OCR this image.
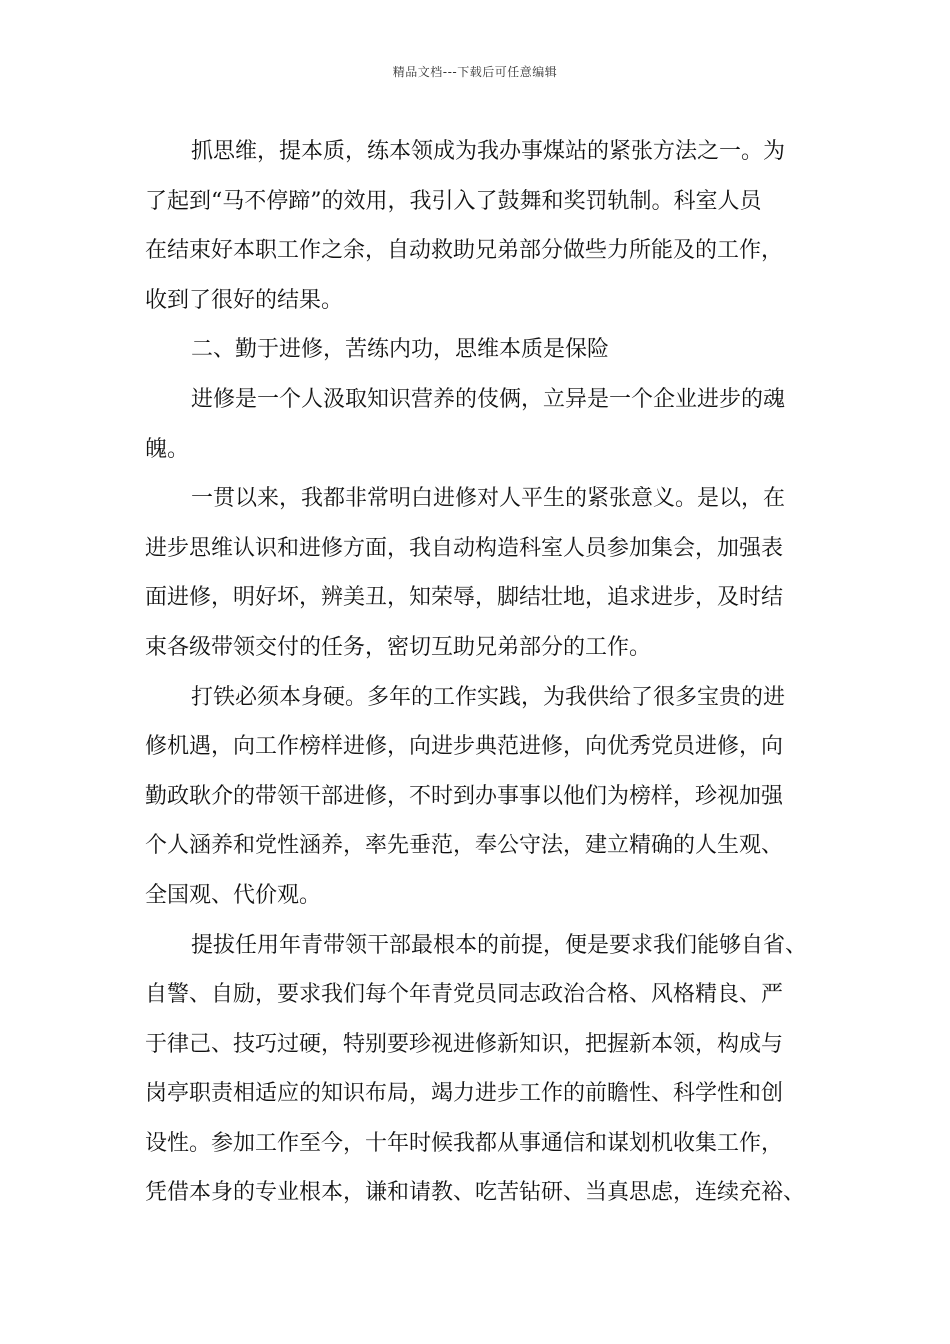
精品文档---下载后可任意编辑
抓思维，提本质，练本领成为我办事煤站的紧张方法之一。为
了起到“马不停蹄”的效用，我引入了鼓舞和奖罚轨制。科室人员
在结束好本职工作之余，自动救助兄弟部分做些力所能及的工作，
收到了很好的结果。
二、勤于进修，苦练内功，思维本质是保险
进修是一个人汲取知识营养的伎俩，立异是一个企业进步的魂
魄。
一贯以来，我都非常明白进修对人平生的紧张意义。是以，在
进步思维认识和进修方面，我自动构造科室人员参加集会，加强表
面进修，明好坏，辨美丑，知荣辱，脚结壮地，追求进步，及时结
束各级带领交付的任务，密切互助兄弟部分的工作。
打铁必须本身硬。多年的工作实践，为我供给了很多宝贵的进
修机遇，向工作榜样进修，向进步典范进修，向优秀党员进修，向
勤政耿介的带领干部进修，不时到办事事以他们为榜样，珍视加强
个人涵养和党性涵养，率先垂范，奉公守法，建立精确的人生观、
全国观、代价观。
提拔任用年青带领干部最根本的前提，便是要求我们能够自省、
自警、自励，要求我们每个年青党员同志政治合格、风格精良、严
于律己、技巧过硬，特别要珍视进修新知识，把握新本领，构成与
岗亭职责相适应的知识布局，竭力进步工作的前瞻性、科学性和创
设性。参加工作至今，十年时候我都从事通信和谋划机收集工作，
凭借本身的专业根本，谦和请教、吃苦钻研、当真思虑，连续充裕、
